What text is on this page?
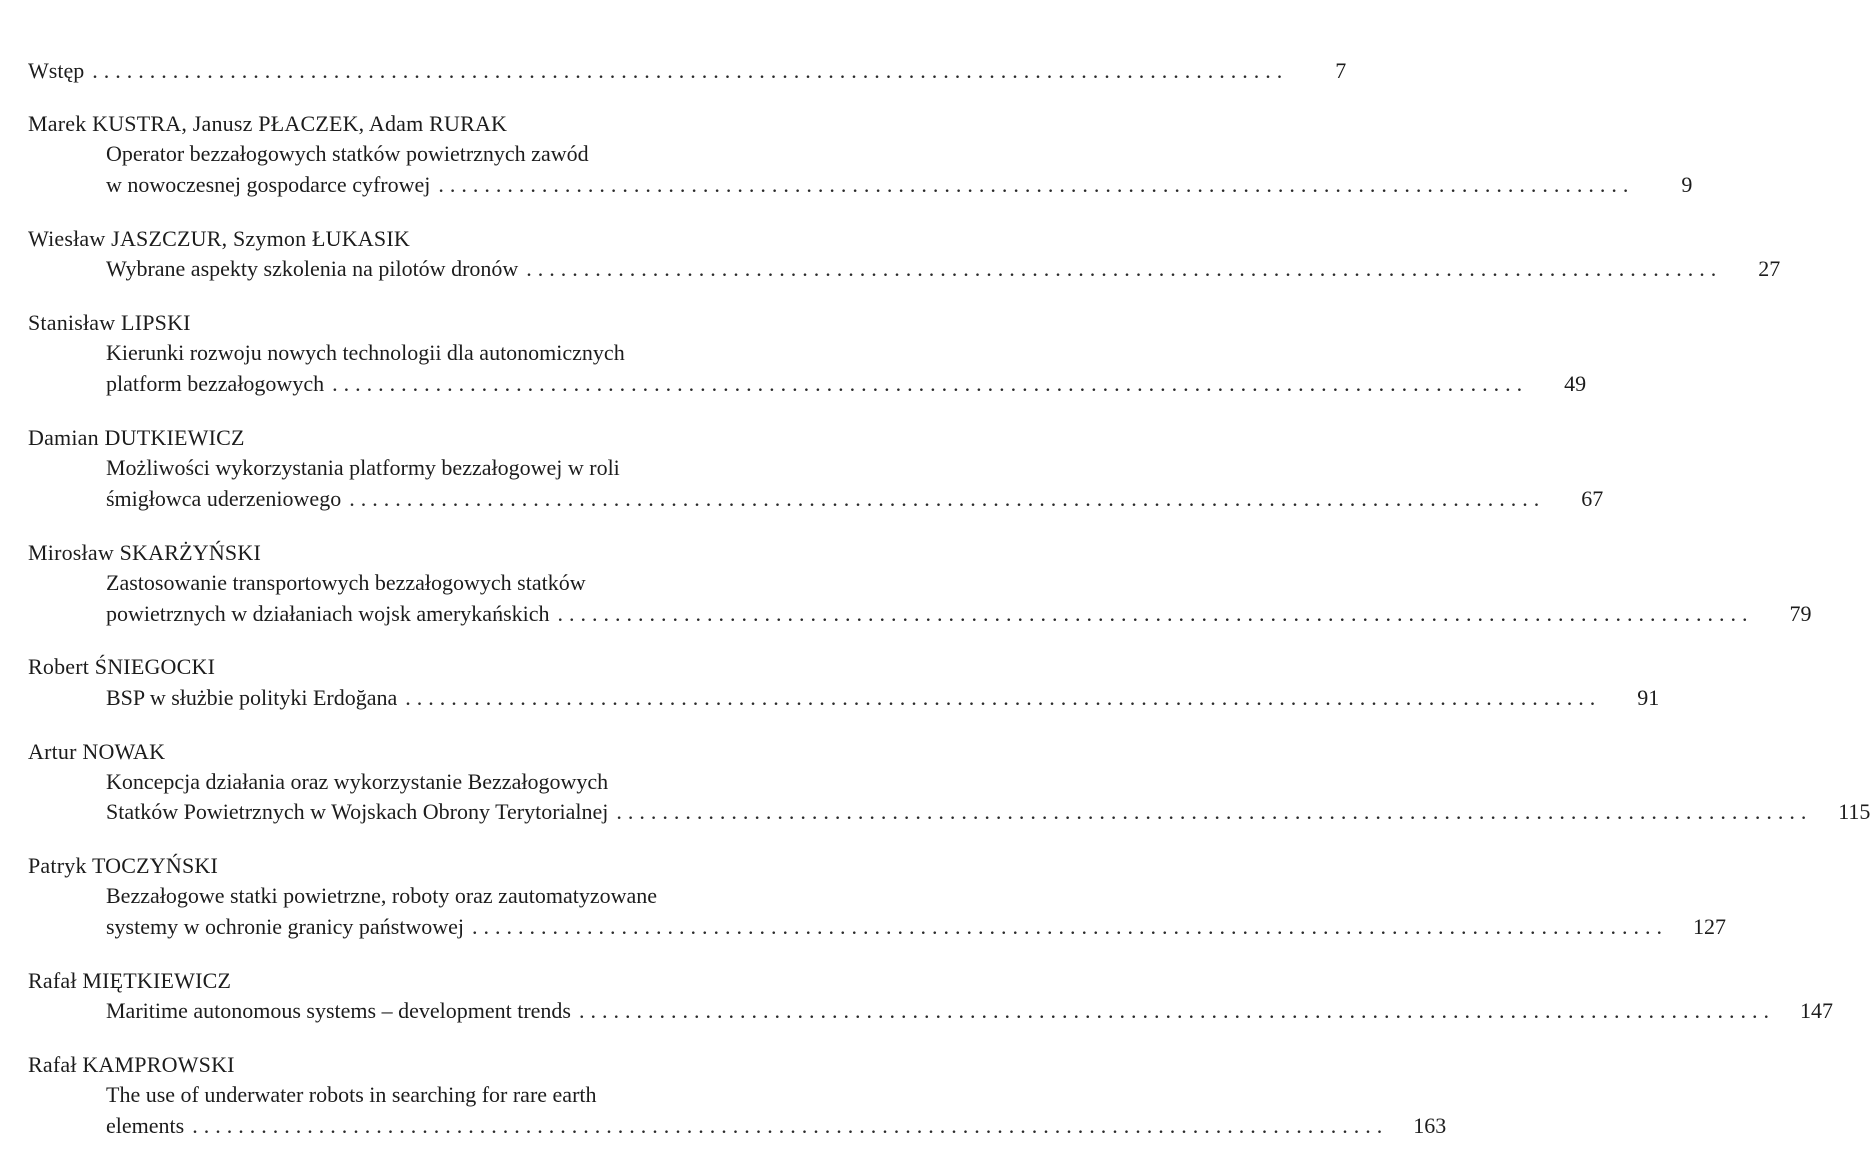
Wstęp ........................................................................................................	7
Marek KUSTRA, Janusz PŁACZEK, Adam RURAK
Operator bezzałogowych statków powietrznych zawód
w nowoczesnej gospodarce cyfrowej ........................................................................................................	9
Wiesław JASZCZUR, Szymon ŁUKASIK
Wybrane aspekty szkolenia na pilotów dronów ........................................................................................................	27
Stanisław LIPSKI
Kierunki rozwoju nowych technologii dla autonomicznych
platform bezzałogowych ........................................................................................................	49
Damian DUTKIEWICZ
Możliwości wykorzystania platformy bezzałogowej w roli
śmigłowca uderzeniowego ........................................................................................................	67
Mirosław SKARŻYŃSKI
Zastosowanie transportowych bezzałogowych statków
powietrznych w działaniach wojsk amerykańskich ........................................................................................................	79
Robert ŚNIEGOCKI
BSP w służbie polityki Erdoğana ........................................................................................................	91
Artur NOWAK
Koncepcja działania oraz wykorzystanie Bezzałogowych
Statków Powietrznych w Wojskach Obrony Terytorialnej ........................................................................................................	115
Patryk TOCZYŃSKI
Bezzałogowe statki powietrzne, roboty oraz zautomatyzowane
systemy w ochronie granicy państwowej ........................................................................................................	127
Rafał MIĘTKIEWICZ
Maritime autonomous systems – development trends ........................................................................................................	147
Rafał KAMPROWSKI
The use of underwater robots in searching for rare earth
elements ........................................................................................................	163
